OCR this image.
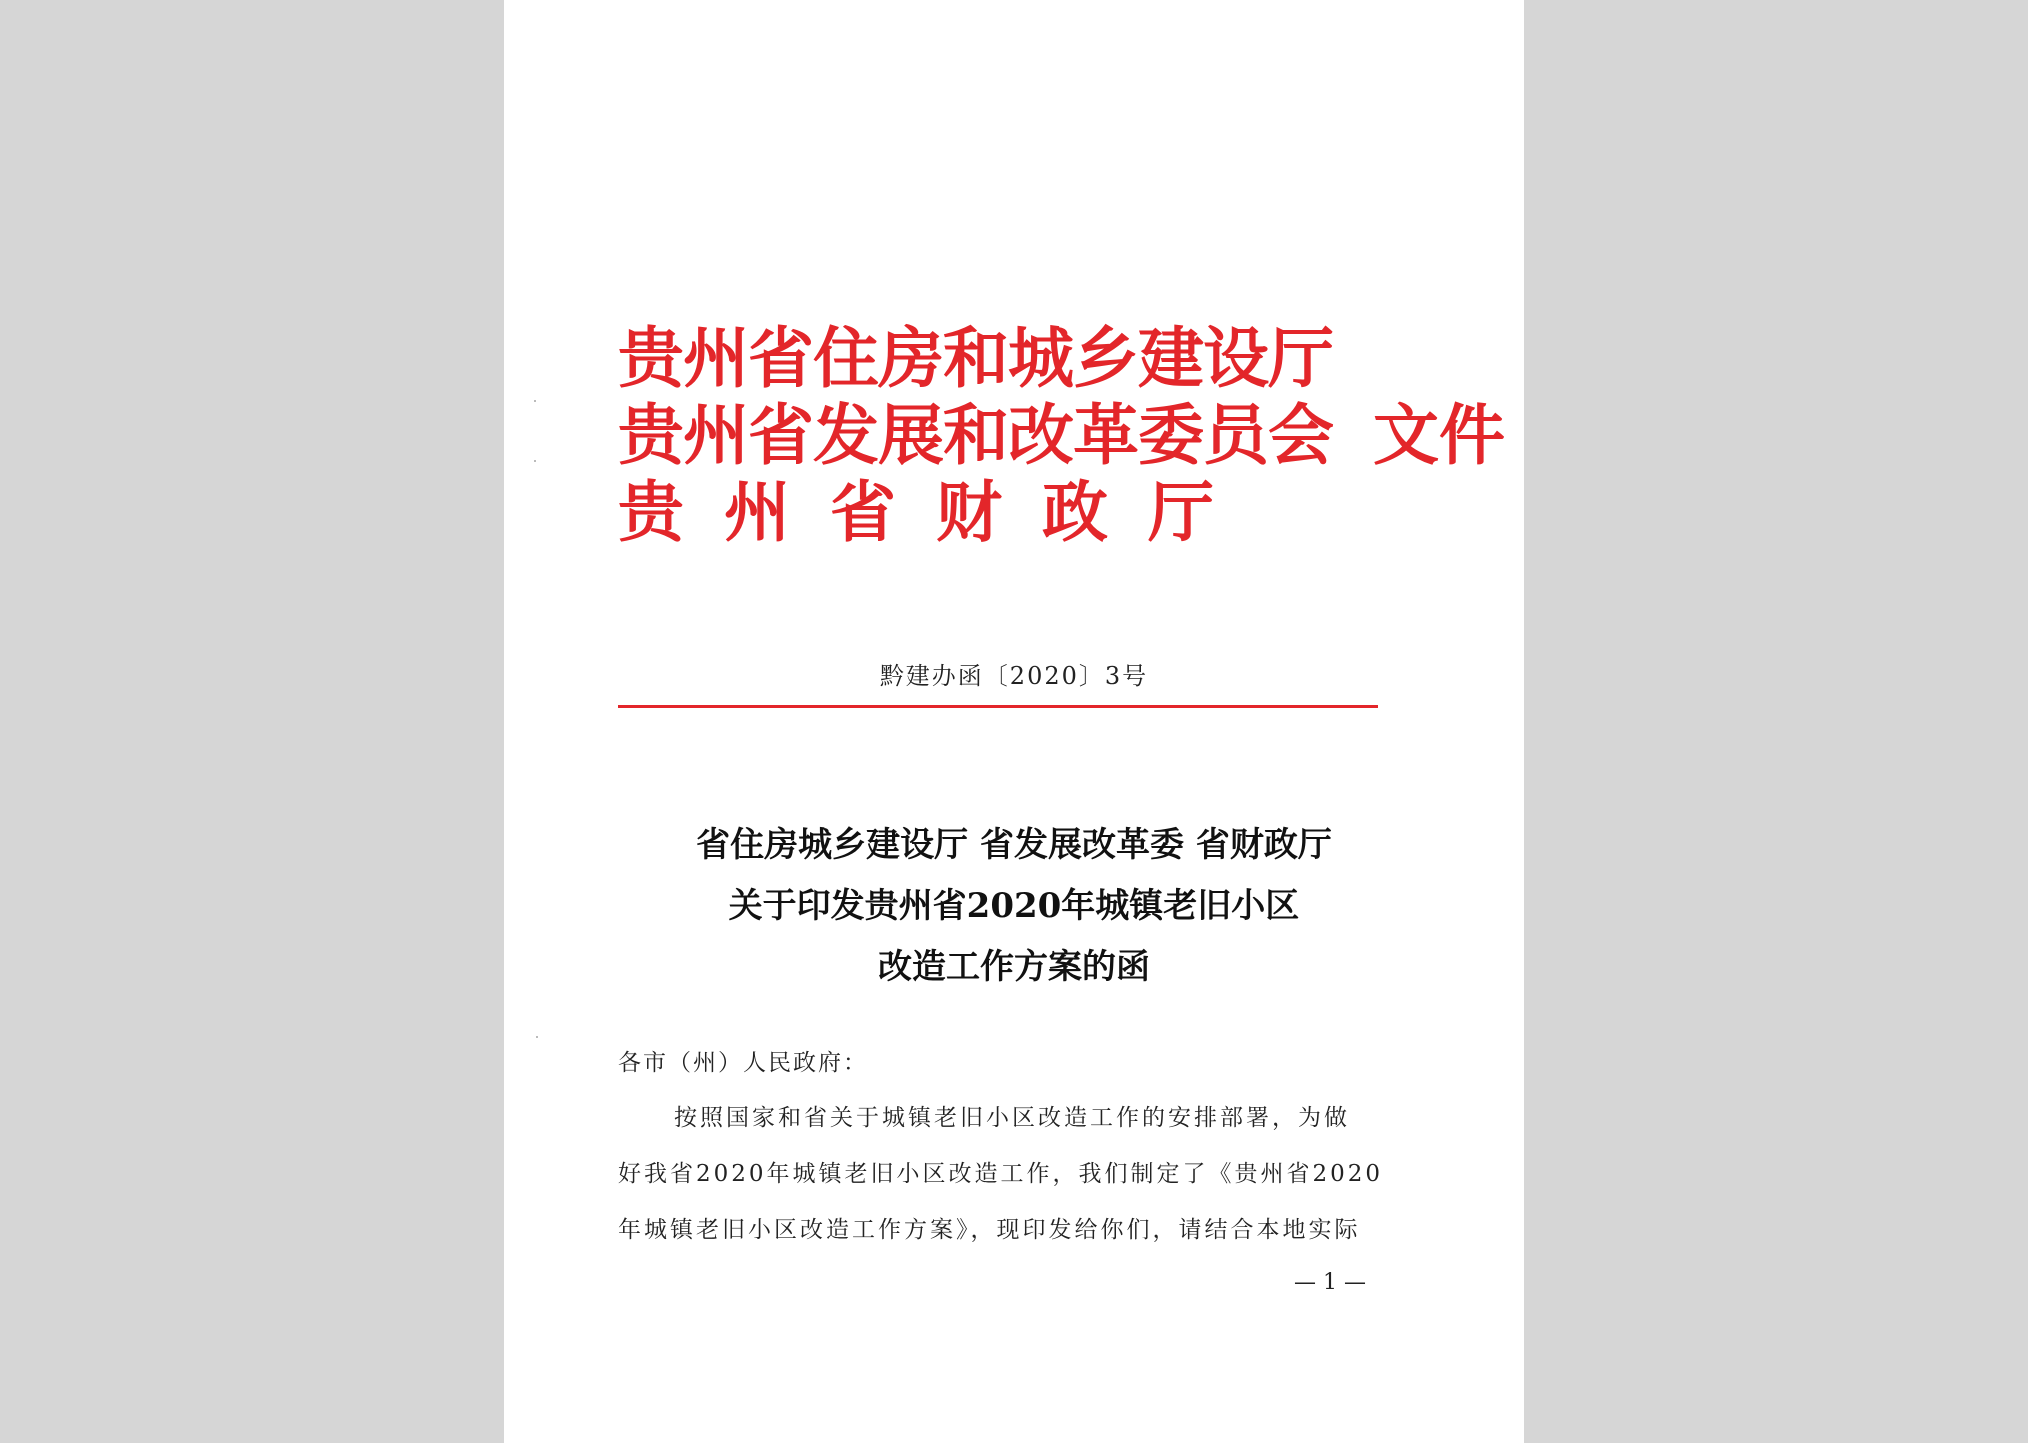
贵州省住房和城乡建设厅
贵州省发展和改革委员会
贵州省财政厅
文件
黔建办函〔2020〕3号
省住房城乡建设厅 省发展改革委 省财政厅
关于印发贵州省2020年城镇老旧小区
改造工作方案的函
各市（州）人民政府：
按照国家和省关于城镇老旧小区改造工作的安排部署，为做
好我省2020年城镇老旧小区改造工作，我们制定了《贵州省2020
年城镇老旧小区改造工作方案》，现印发给你们，请结合本地实际
— 1 —
